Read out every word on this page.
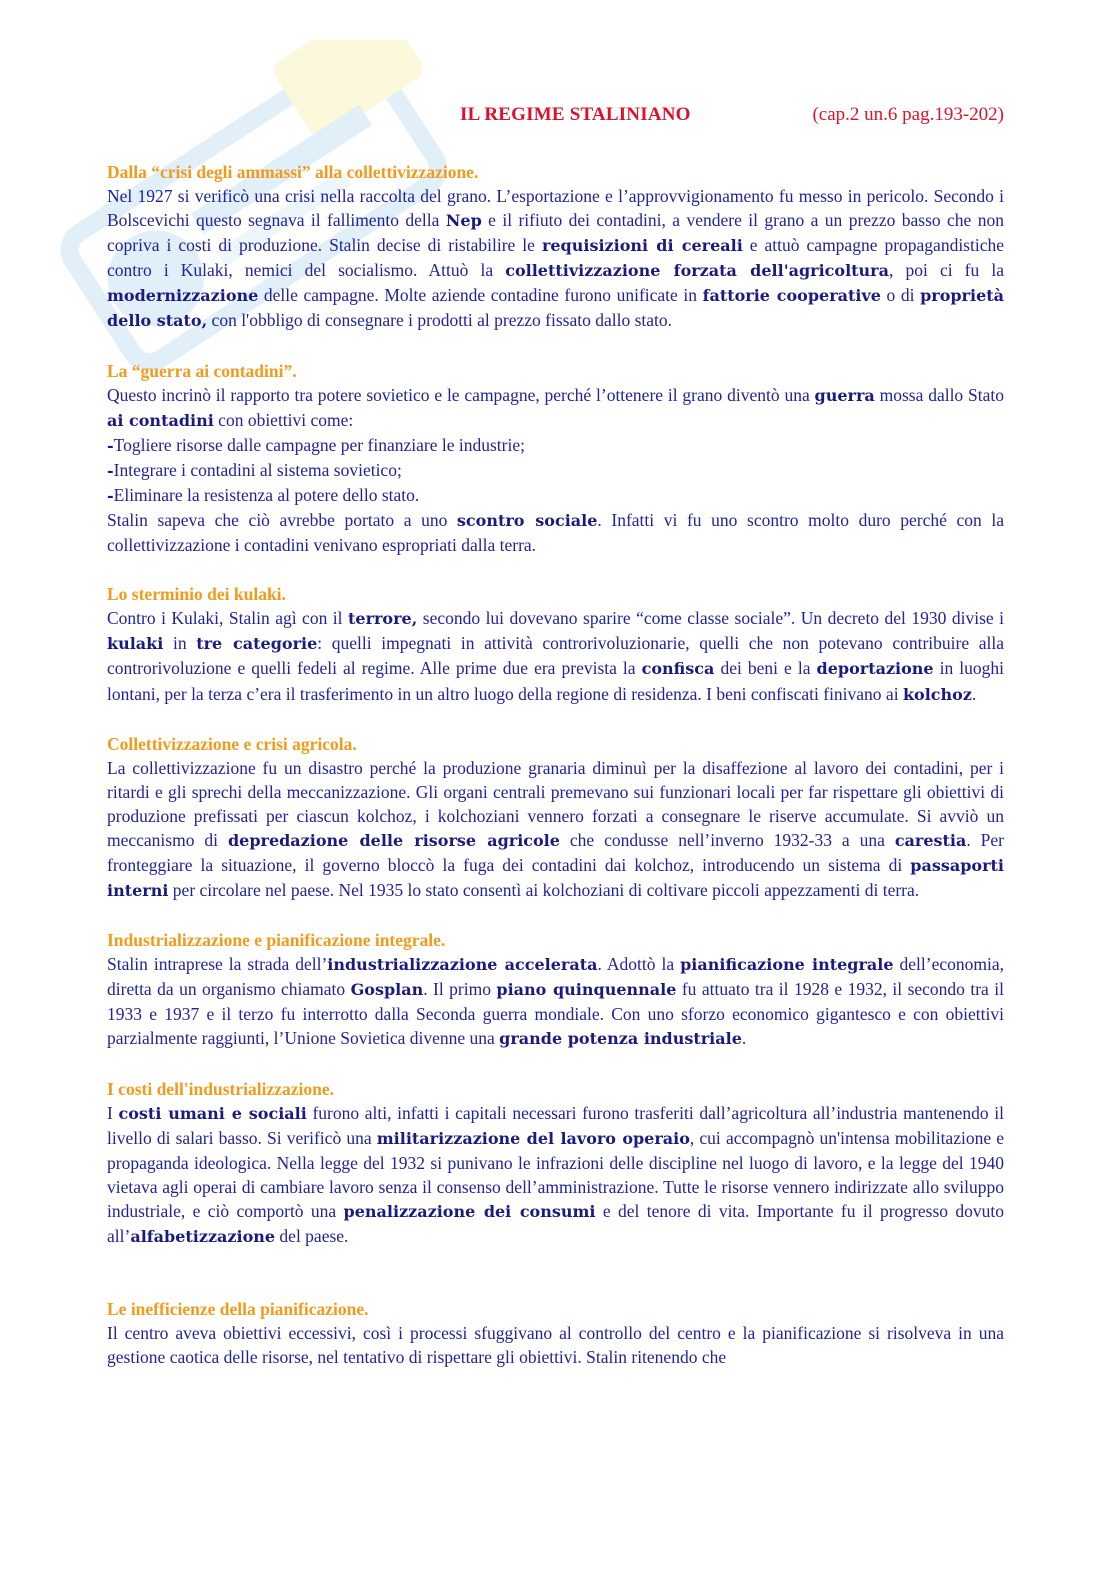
IL REGIME STALINIANO	(cap.2 un.6 pag.193-202)
Dalla “crisi degli ammassi” alla collettivizzazione.
Nel 1927 si verificò una crisi nella raccolta del grano. L’esportazione e l’approvvigionamento fu messo in pericolo. Secondo i Bolscevichi questo segnava il fallimento della Nep e il rifiuto dei contadini, a vendere il grano a un prezzo basso che non copriva i costi di produzione. Stalin decise di ristabilire le requisizioni di cereali e attuò campagne propagandistiche contro i Kulaki, nemici del socialismo. Attuò la collettivizzazione forzata dell'agricoltura, poi ci fu la modernizzazione delle campagne. Molte aziende contadine furono unificate in fattorie cooperative o di proprietà dello stato, con l'obbligo di consegnare i prodotti al prezzo fissato dallo stato.
La “guerra ai contadini”.
Questo incrinò il rapporto tra potere sovietico e le campagne, perché l’ottenere il grano diventò una guerra mossa dallo Stato ai contadini con obiettivi come:
-Togliere risorse dalle campagne per finanziare le industrie;
-Integrare i contadini al sistema sovietico;
-Eliminare la resistenza al potere dello stato.
Stalin sapeva che ciò avrebbe portato a uno scontro sociale. Infatti vi fu uno scontro molto duro perché con la collettivizzazione i contadini venivano espropriati dalla terra.
Lo sterminio dei kulaki.
Contro i Kulaki, Stalin agì con il terrore, secondo lui dovevano sparire “come classe sociale”. Un decreto del 1930 divise i kulaki in tre categorie: quelli impegnati in attività controrivoluzionarie, quelli che non potevano contribuire alla controrivoluzione e quelli fedeli al regime. Alle prime due era prevista la confisca dei beni e la deportazione in luoghi lontani, per la terza c’era il trasferimento in un altro luogo della regione di residenza. I beni confiscati finivano ai kolchoz.
Collettivizzazione e crisi agricola.
La collettivizzazione fu un disastro perché la produzione granaria diminuì per la disaffezione al lavoro dei contadini, per i ritardi e gli sprechi della meccanizzazione. Gli organi centrali premevano sui funzionari locali per far rispettare gli obiettivi di produzione prefissati per ciascun kolchoz, i kolchoziani vennero forzati a consegnare le riserve accumulate. Si avviò un meccanismo di depredazione delle risorse agricole che condusse nell’inverno 1932-33 a una carestia. Per fronteggiare la situazione, il governo bloccò la fuga dei contadini dai kolchoz, introducendo un sistema di passaporti interni per circolare nel paese. Nel 1935 lo stato consentì ai kolchoziani di coltivare piccoli appezzamenti di terra.
Industrializzazione e pianificazione integrale.
Stalin intraprese la strada dell’industrializzazione accelerata. Adottò la pianificazione integrale dell’economia, diretta da un organismo chiamato Gosplan. Il primo piano quinquennale fu attuato tra il 1928 e 1932, il secondo tra il 1933 e 1937 e il terzo fu interrotto dalla Seconda guerra mondiale. Con uno sforzo economico gigantesco e con obiettivi parzialmente raggiunti, l’Unione Sovietica divenne una grande potenza industriale.
I costi dell'industrializzazione.
I costi umani e sociali furono alti, infatti i capitali necessari furono trasferiti dall’agricoltura all’industria mantenendo il livello di salari basso. Si verificò una militarizzazione del lavoro operaio, cui accompagnò un'intensa mobilitazione e propaganda ideologica. Nella legge del 1932 si punivano le infrazioni delle discipline nel luogo di lavoro, e la legge del 1940 vietava agli operai di cambiare lavoro senza il consenso dell’amministrazione. Tutte le risorse vennero indirizzate allo sviluppo industriale, e ciò comportò una penalizzazione dei consumi e del tenore di vita. Importante fu il progresso dovuto all’alfabetizzazione del paese.
Le inefficienze della pianificazione.
Il centro aveva obiettivi eccessivi, così i processi sfuggivano al controllo del centro e la pianificazione si risolveva in una gestione caotica delle risorse, nel tentativo di rispettare gli obiettivi. Stalin ritenendo che
